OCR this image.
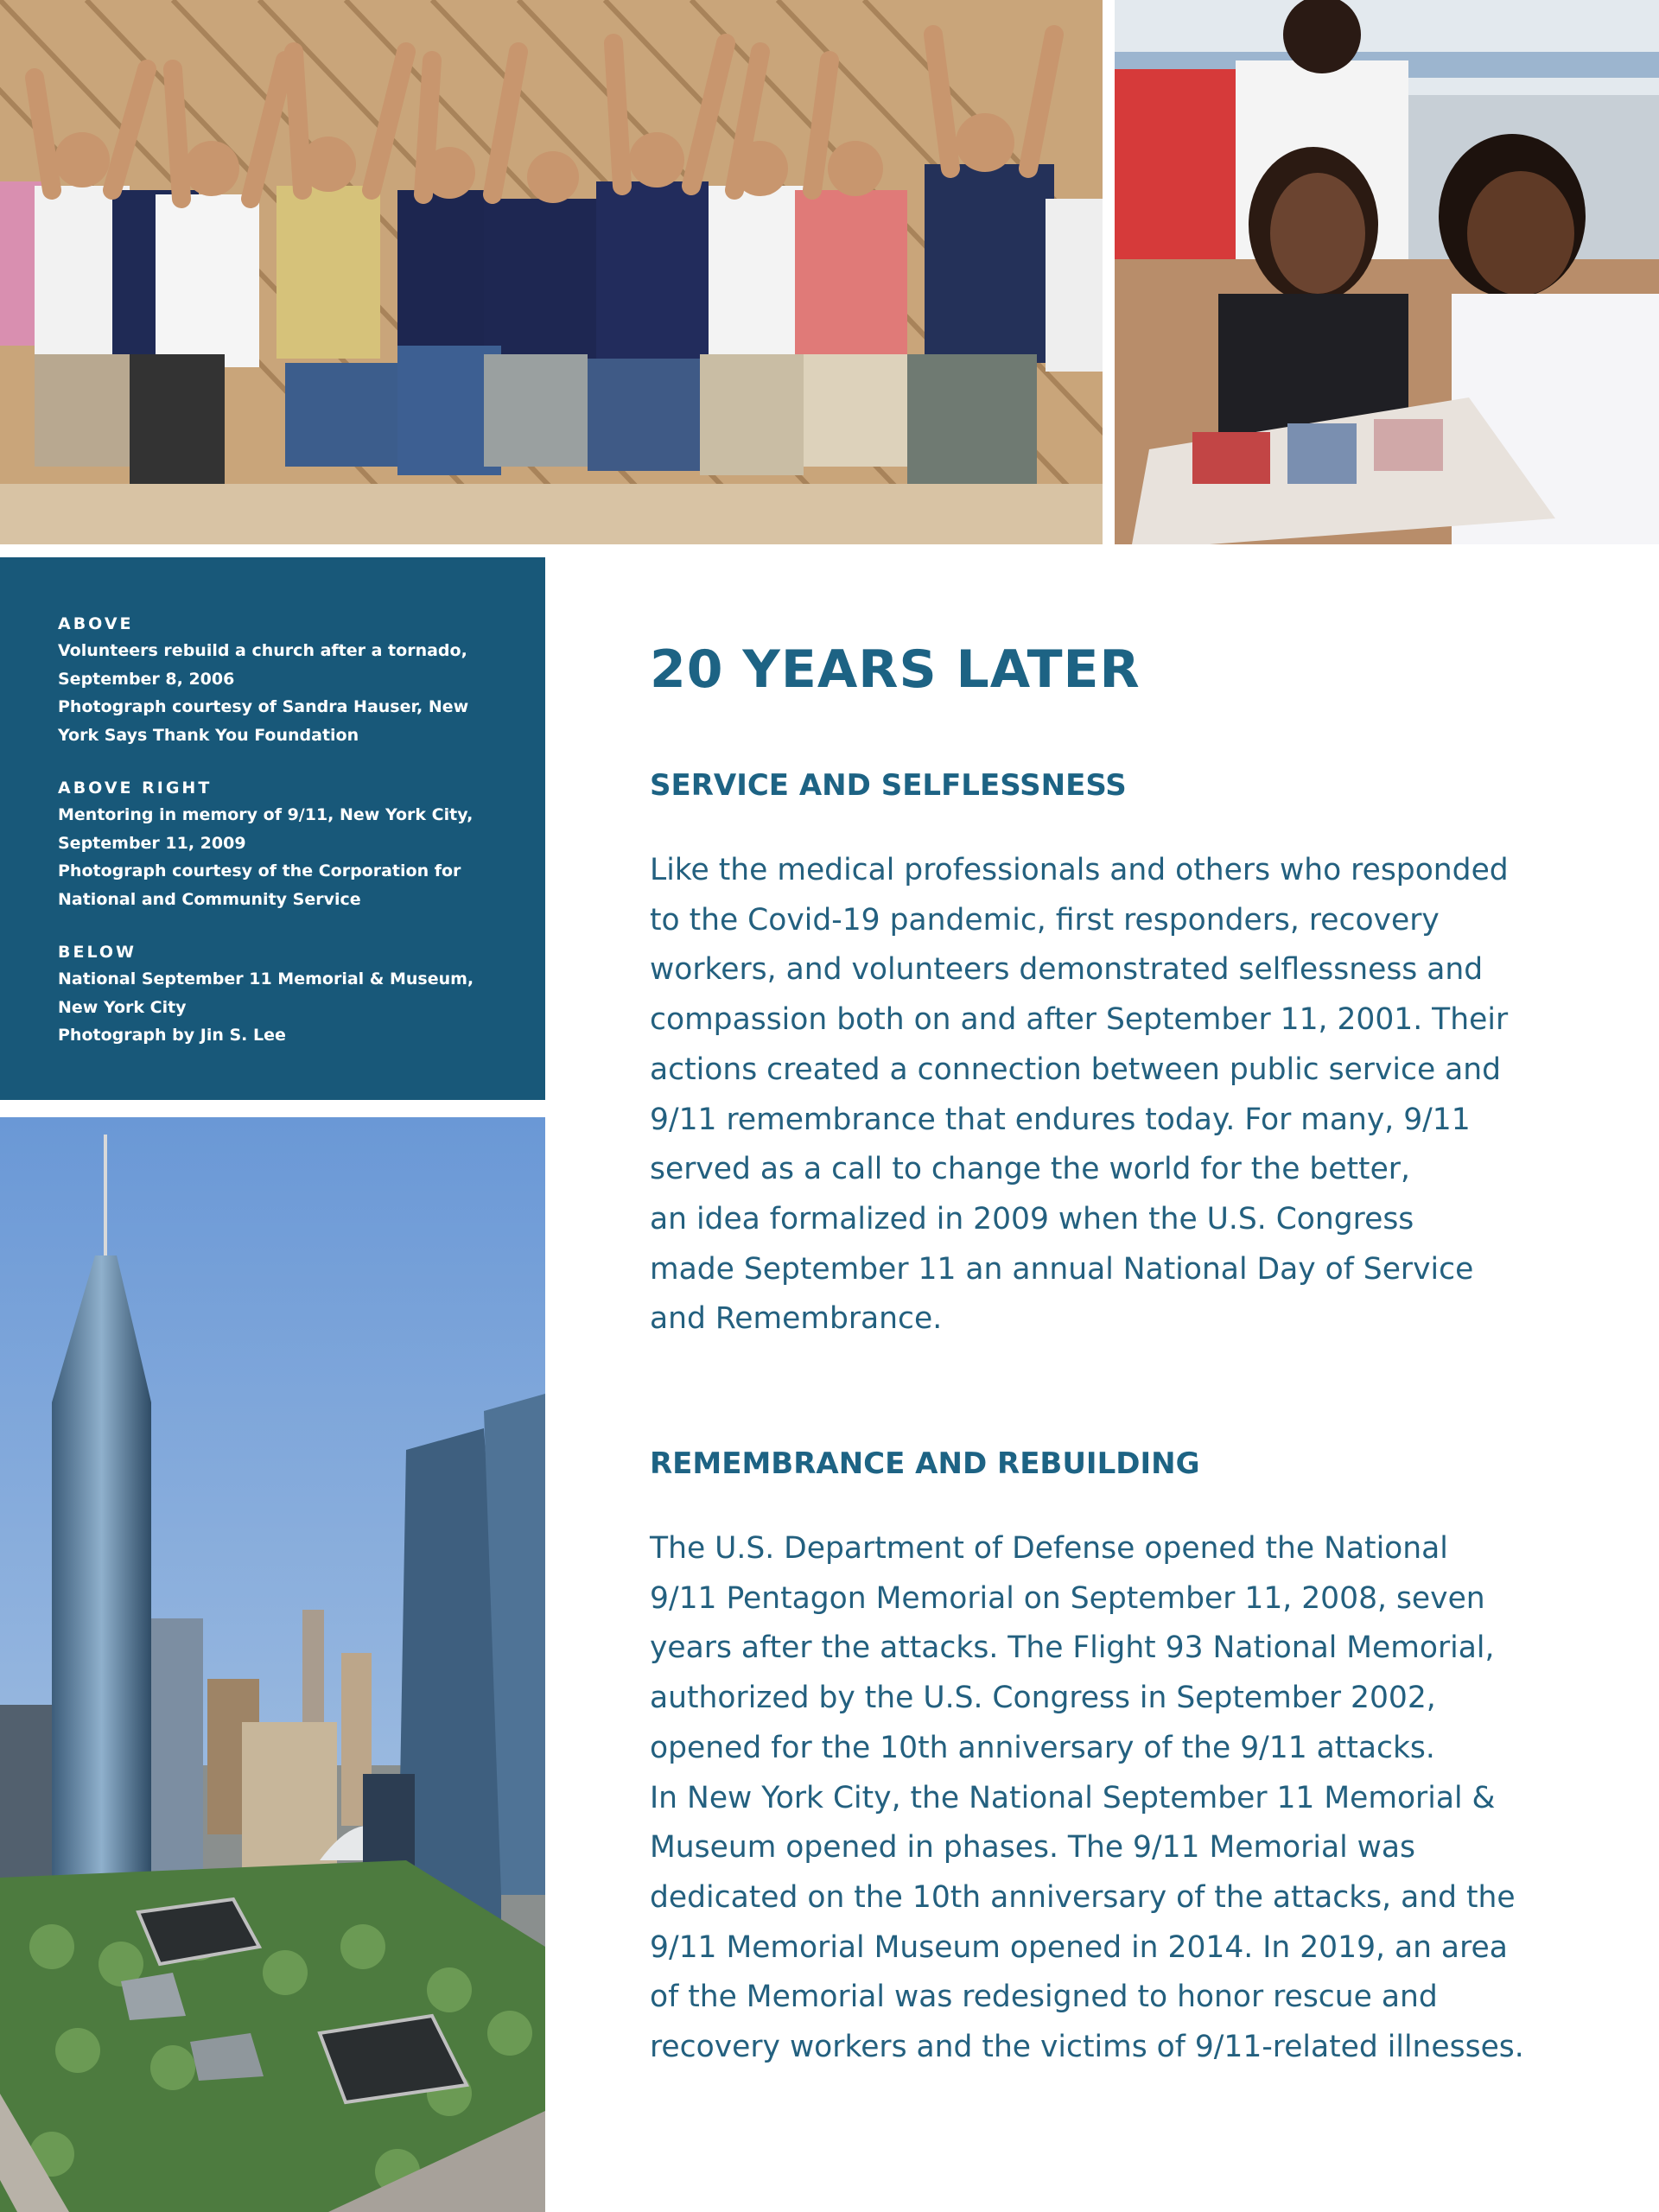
ABOVE
Volunteers rebuild a church after a tornado,
September 8, 2006
Photograph courtesy of Sandra Hauser, New
York Says Thank You Foundation
ABOVE RIGHT
Mentoring in memory of 9/11, New York City,
September 11, 2009
Photograph courtesy of the Corporation for
National and Community Service
BELOW
National September 11 Memorial & Museum,
New York City
Photograph by Jin S. Lee
20 YEARS LATER
SERVICE AND SELFLESSNESS
Like the medical professionals and others who responded
to the Covid-19 pandemic, first responders, recovery
workers, and volunteers demonstrated selflessness and
compassion both on and after September 11, 2001. Their
actions created a connection between public service and
9/11 remembrance that endures today. For many, 9/11
served as a call to change the world for the better,
an idea formalized in 2009 when the U.S. Congress
made September 11 an annual National Day of Service
and Remembrance.
REMEMBRANCE AND REBUILDING
The U.S. Department of Defense opened the National
9/11 Pentagon Memorial on September 11, 2008, seven
years after the attacks. The Flight 93 National Memorial,
authorized by the U.S. Congress in September 2002,
opened for the 10th anniversary of the 9/11 attacks.
In New York City, the National September 11 Memorial &
Museum opened in phases. The 9/11 Memorial was
dedicated on the 10th anniversary of the attacks, and the
9/11 Memorial Museum opened in 2014. In 2019, an area
of the Memorial was redesigned to honor rescue and
recovery workers and the victims of 9/11-related illnesses.
